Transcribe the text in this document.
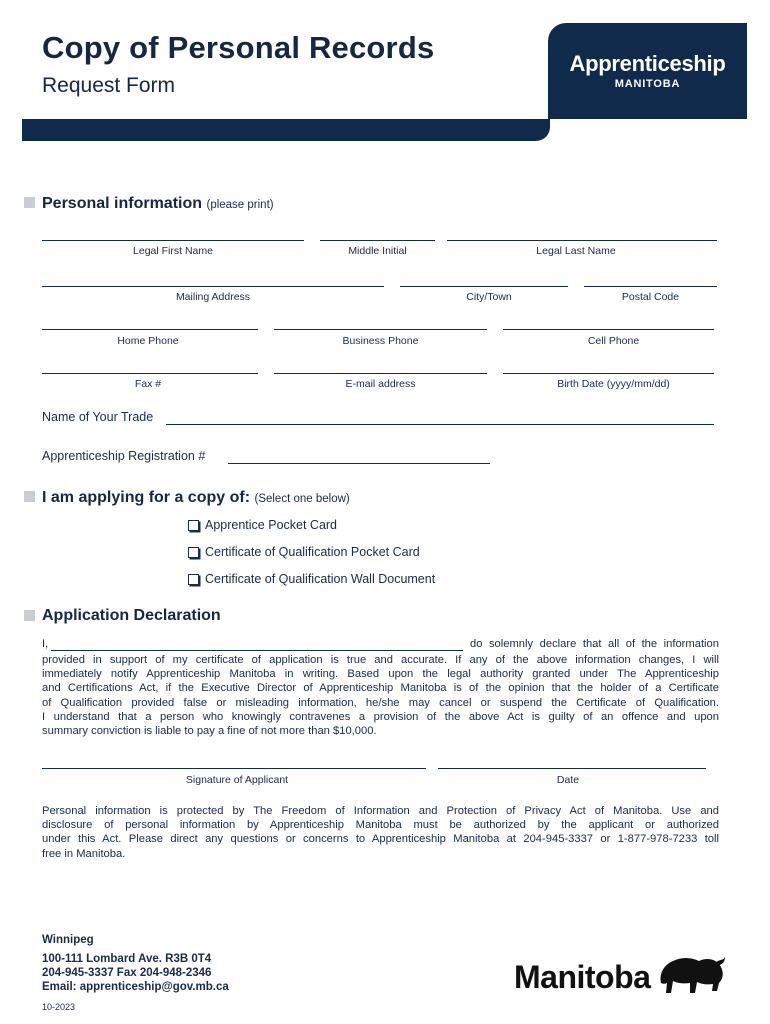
Copy of Personal Records
Request Form
Apprenticeship
MANITOBA
Personal information (please print)
Legal First Name	Middle Initial	Legal Last Name
Mailing Address	City/Town	Postal Code
Home Phone	Business Phone	Cell Phone
Fax #	E-mail address	Birth Date (yyyy/mm/dd)
Name of Your Trade
Apprenticeship Registration #
I am applying for a copy of: (Select one below)
Apprentice Pocket Card
Certificate of Qualification Pocket Card
Certificate of Qualification Wall Document
Application Declaration
I,	do solemnly declare that all of the information
provided in support of my certificate of application is true and accurate. If any of the above information changes, I will
immediately notify Apprenticeship Manitoba in writing. Based upon the legal authority granted under The Apprenticeship
and Certifications Act, if the Executive Director of Apprenticeship Manitoba is of the opinion that the holder of a Certificate
of Qualification provided false or misleading information, he/she may cancel or suspend the Certificate of Qualification.
I understand that a person who knowingly contravenes a provision of the above Act is guilty of an offence and upon
summary conviction is liable to pay a fine of not more than $10,000.
Signature of Applicant	Date
Personal information is protected by The Freedom of Information and Protection of Privacy Act of Manitoba. Use and
disclosure of personal information by Apprenticeship Manitoba must be authorized by the applicant or authorized
under this Act. Please direct any questions or concerns to Apprenticeship Manitoba at 204-945-3337 or 1-877-978-7233 toll
free in Manitoba.
Winnipeg
100-111 Lombard Ave. R3B 0T4
204-945-3337 Fax 204-948-2346
Email: apprenticeship@gov.mb.ca
10-2023
Manitoba
